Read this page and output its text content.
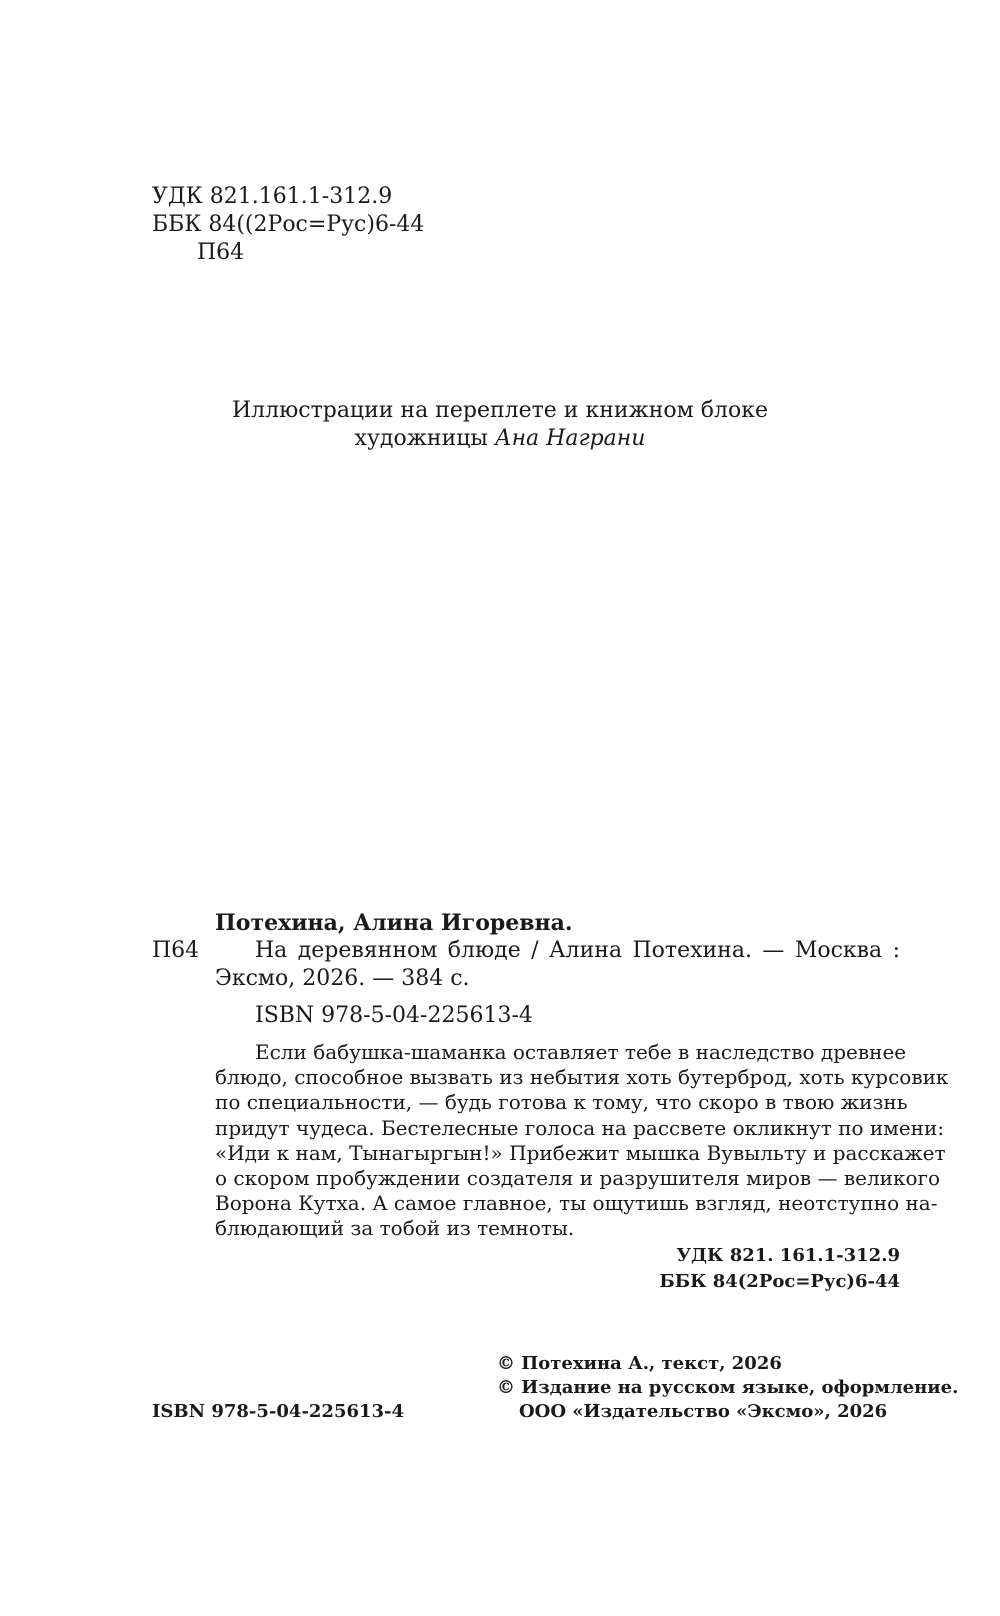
УДК 821.161.1-312.9
ББК 84((2Рос=Рус)6-44
П64
Иллюстрации на переплете и книжном блоке
художницы Ана Награни
Потехина, Алина Игоревна.
П64	На деревянном блюде / Алина Потехина. — Москва :
Эксмо, 2026. — 384 с.
ISBN 978-5-04-225613-4
Если бабушка-шаманка оставляет тебе в наследство древнее
блюдо, способное вызвать из небытия хоть бутерброд, хоть курсовик
по специальности, — будь готова к тому, что скоро в твою жизнь
придут чудеса. Бестелесные голоса на рассвете окликнут по имени:
«Иди к нам, Тынагыргын!» Прибежит мышка Вувыльту и расскажет
о скором пробуждении создателя и разрушителя миров — великого
Ворона Кутха. А самое главное, ты ощутишь взгляд, неотступно на-
блюдающий за тобой из темноты.
УДК 821. 161.1-312.9
ББК 84(2Рос=Рус)6-44
© Потехина А., текст, 2026
© Издание на русском языке, оформление.
ООО «Издательство «Эксмо», 2026
ISBN 978-5-04-225613-4
